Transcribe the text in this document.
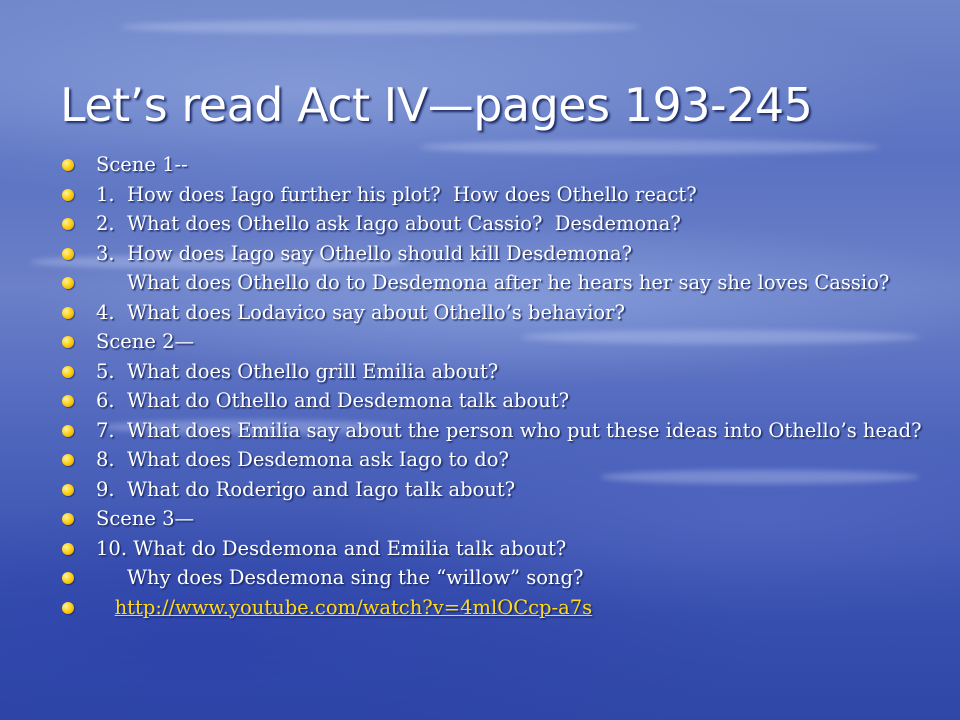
Let’s read Act IV—pages 193-245
Scene 1--
1.  How does Iago further his plot?  How does Othello react?
2.  What does Othello ask Iago about Cassio?  Desdemona?
3.  How does Iago say Othello should kill Desdemona?
What does Othello do to Desdemona after he hears her say she loves Cassio?
4.  What does Lodavico say about Othello’s behavior?
Scene 2—
5.  What does Othello grill Emilia about?
6.  What do Othello and Desdemona talk about?
7.  What does Emilia say about the person who put these ideas into Othello’s head?
8.  What does Desdemona ask Iago to do?
9.  What do Roderigo and Iago talk about?
Scene 3—
10. What do Desdemona and Emilia talk about?
Why does Desdemona sing the “willow” song?
http://www.youtube.com/watch?v=4mlOCcp-a7s
